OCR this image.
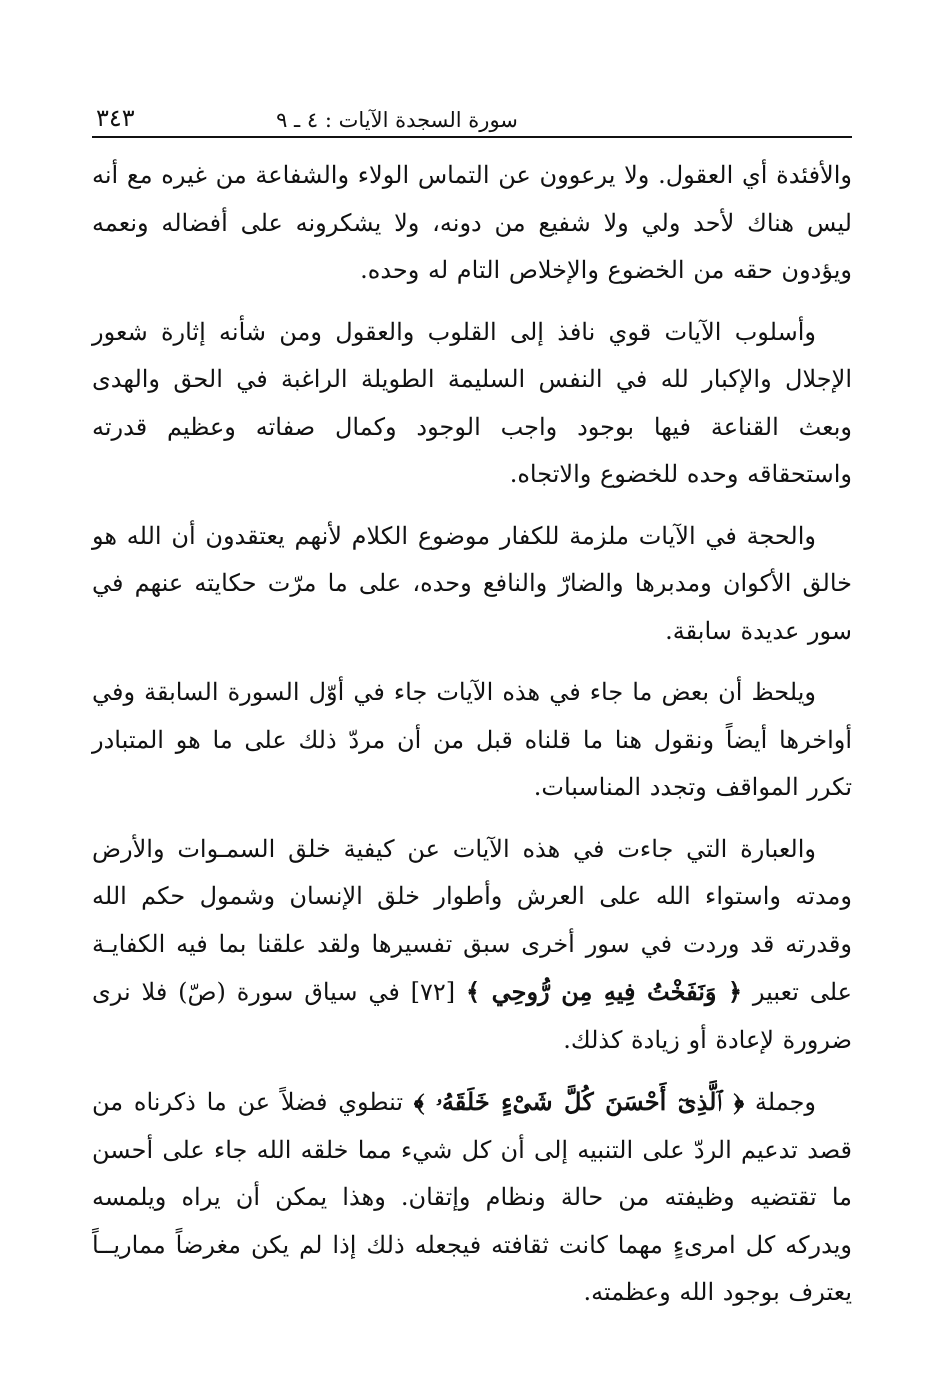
سورة السجدة الآيات : ٤ ـ ٩
٣٤٣

والأفئدة أي العقول. ولا يرعوون عن التماس الولاء والشفاعة من غيره مع أنه ليس هناك لأحد ولي ولا شفيع من دونه، ولا يشكرونه على أفضاله ونعمه ويؤدون حقه من الخضوع والإخلاص التام له وحده.

وأسلوب الآيات قوي نافذ إلى القلوب والعقول ومن شأنه إثارة شعور الإجلال والإكبار لله في النفس السليمة الطويلة الراغبة في الحق والهدى وبعث القناعة فيها بوجود واجب الوجود وكمال صفاته وعظيم قدرته واستحقاقه وحده للخضوع والاتجاه.

والحجة في الآيات ملزمة للكفار موضوع الكلام لأنهم يعتقدون أن الله هو خالق الأكوان ومدبرها والضارّ والنافع وحده، على ما مرّت حكايته عنهم في سور عديدة سابقة.

ويلحظ أن بعض ما جاء في هذه الآيات جاء في أوّل السورة السابقة وفي أواخرها أيضاً ونقول هنا ما قلناه قبل من أن مردّ ذلك على ما هو المتبادر تكرر المواقف وتجدد المناسبات.

والعبارة التي جاءت في هذه الآيات عن كيفية خلق السمـوات والأرض ومدته واستواء الله على العرش وأطوار خلق الإنسان وشمول حكم الله وقدرته قد وردت في سور أخرى سبق تفسيرها ولقد علقنا بما فيه الكفايـة على تعبير ﴿ وَنَفَخْتُ فِيهِ مِن رُّوحِي ﴾ [٧٢] في سياق سورة (صّ) فلا نرى ضرورة لإعادة أو زيادة كذلك.

وجملة ﴿ ٱلَّذِىٓ أَحْسَنَ كُلَّ شَىْءٍ خَلَقَهُۥ ﴾ تنطوي فضلاً عن ما ذكرناه من قصد تدعيم الردّ على التنبيه إلى أن كل شيء مما خلقه الله جاء على أحسن ما تقتضيه وظيفته من حالة ونظام وإتقان. وهذا يمكن أن يراه ويلمسه ويدركه كل امرىءٍ مهما كانت ثقافته فيجعله ذلك إذا لم يكن مغرضاً مماريــاً يعترف بوجود الله وعظمته.
